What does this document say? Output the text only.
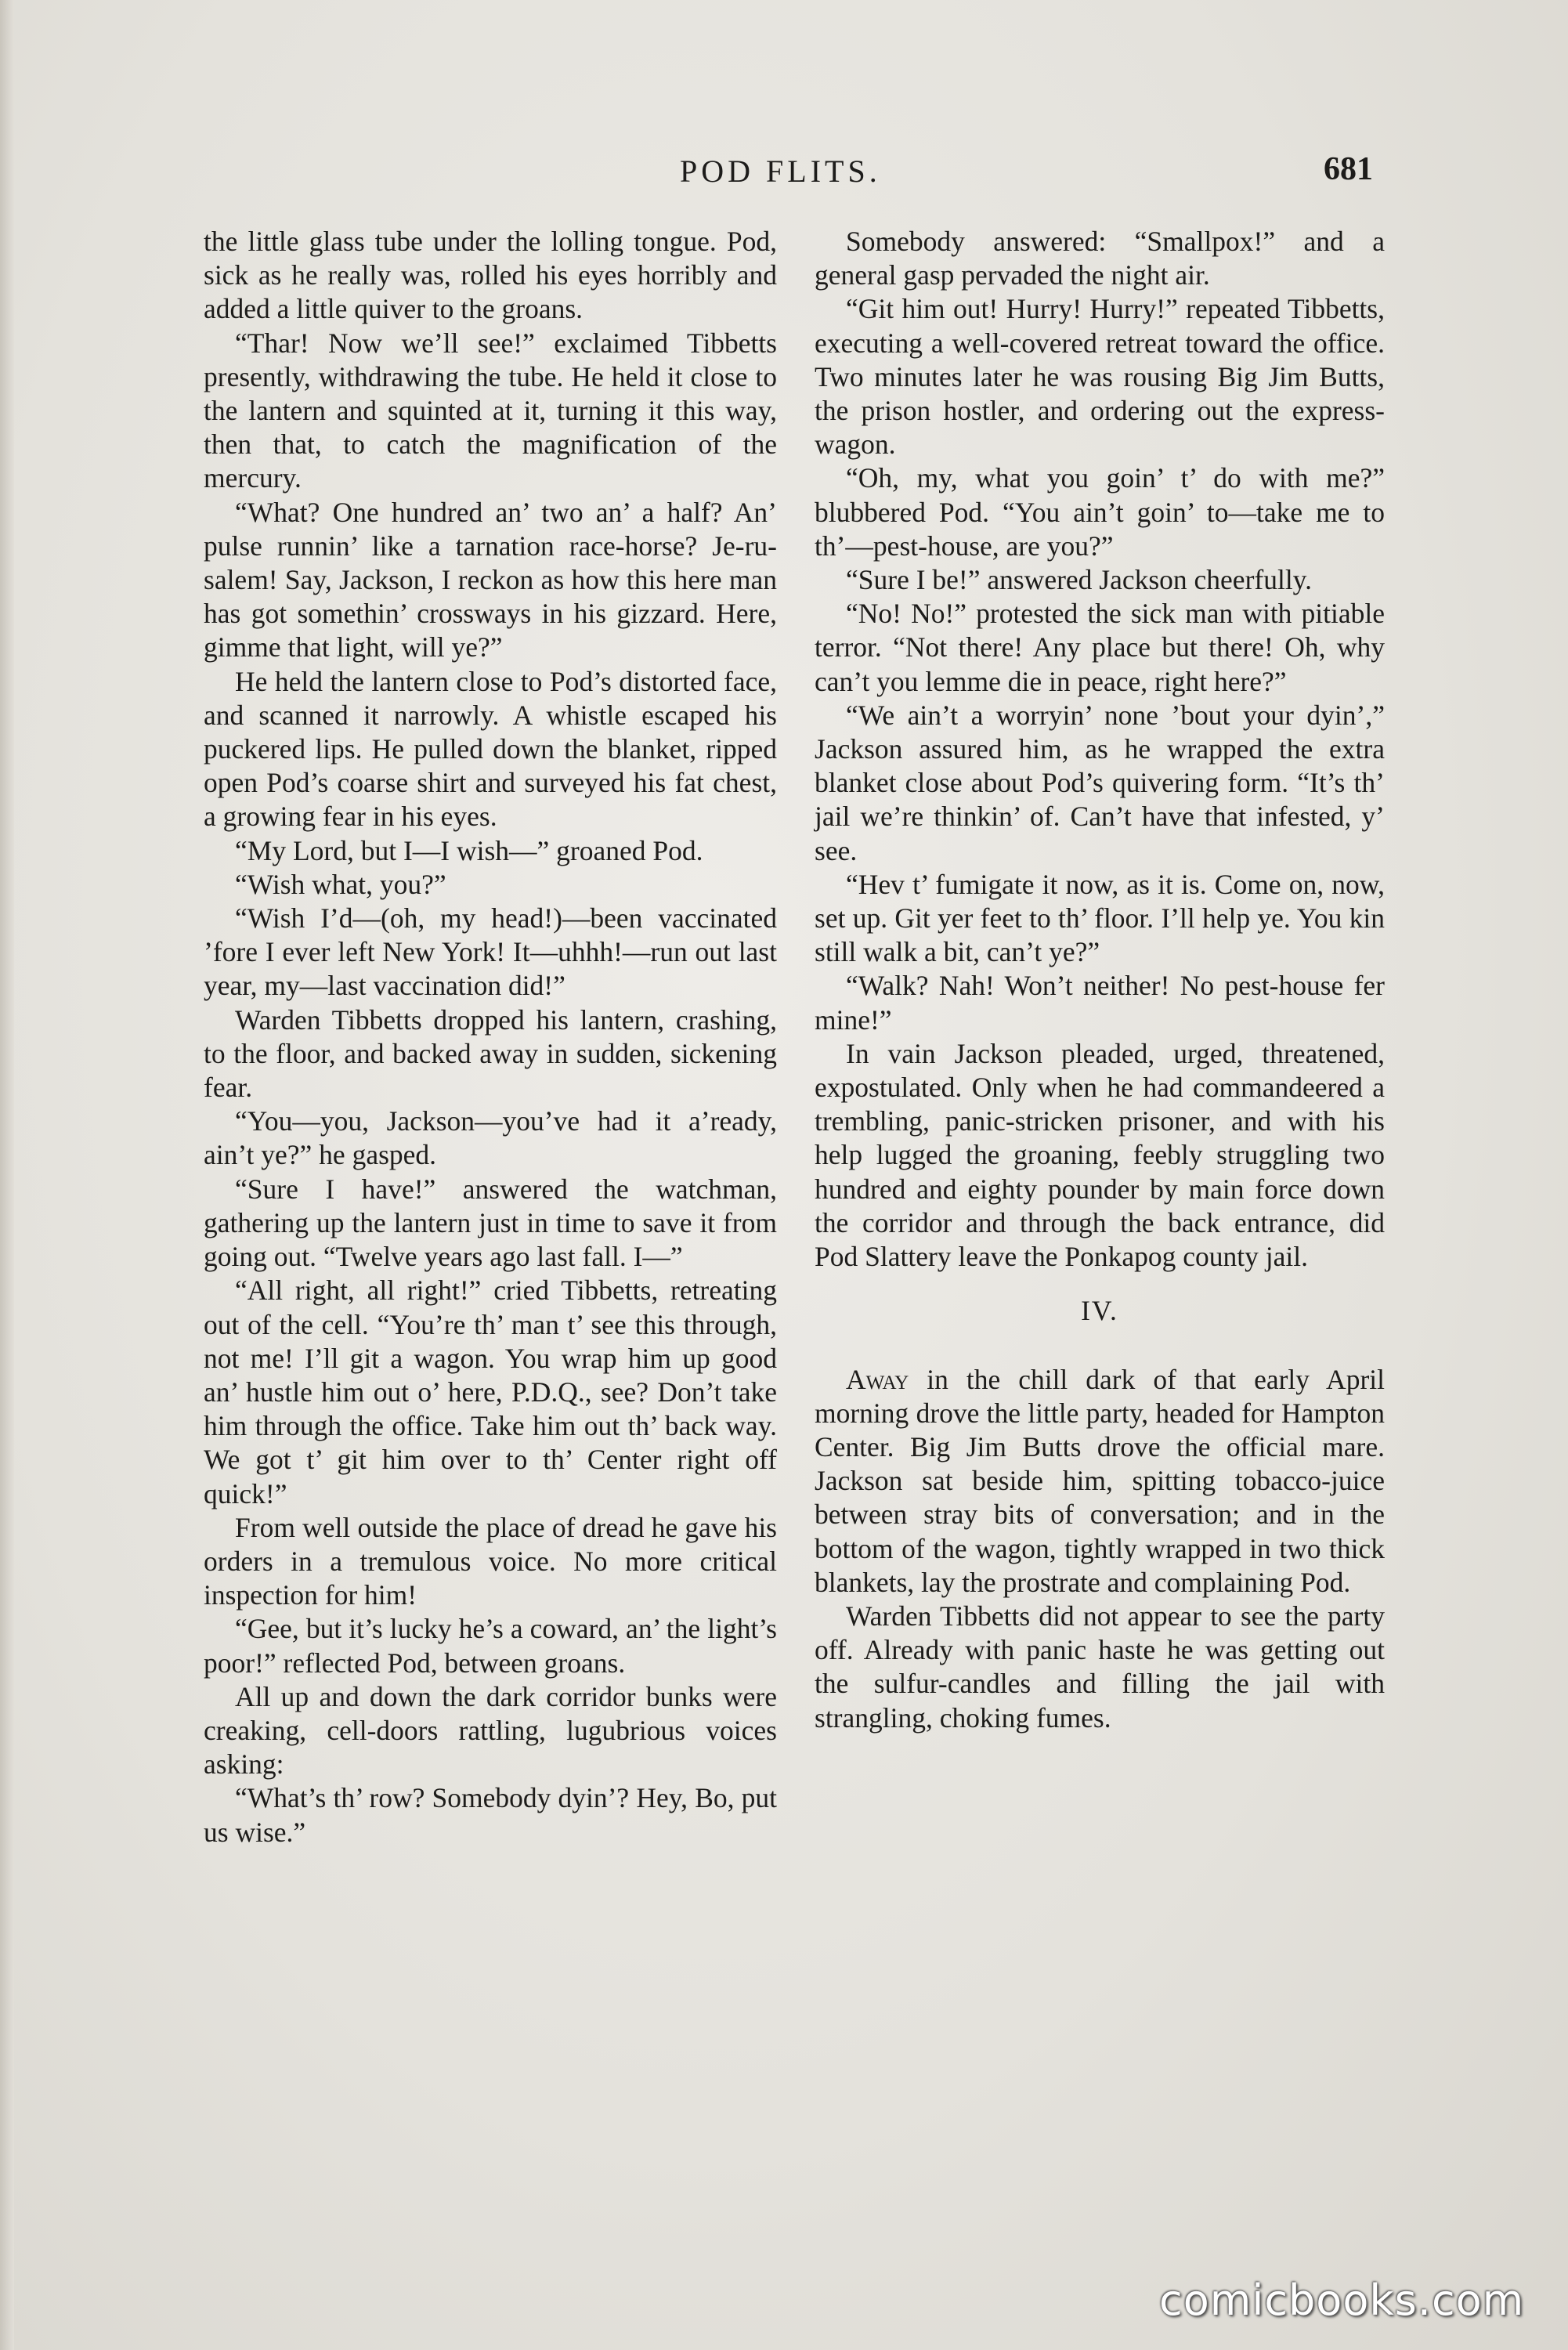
POD FLITS.	681

the little glass tube under the lolling tongue. Pod, sick as he really was, rolled his eyes horribly and added a little quiver to the groans.

“Thar! Now we’ll see!” exclaimed Tibbetts presently, withdrawing the tube. He held it close to the lantern and squinted at it, turning it this way, then that, to catch the magnification of the mercury.

“What? One hundred an’ two an’ a half? An’ pulse runnin’ like a tarnation race-horse? Je-ru-salem! Say, Jackson, I reckon as how this here man has got somethin’ crossways in his gizzard. Here, gimme that light, will ye?”

He held the lantern close to Pod’s distorted face, and scanned it narrowly. A whistle escaped his puckered lips. He pulled down the blanket, ripped open Pod’s coarse shirt and surveyed his fat chest, a growing fear in his eyes.

“My Lord, but I—I wish—” groaned Pod.

“Wish what, you?”

“Wish I’d—(oh, my head!)—been vaccinated ’fore I ever left New York! It—uhhh!—run out last year, my—last vaccination did!”

Warden Tibbetts dropped his lantern, crashing, to the floor, and backed away in sudden, sickening fear.

“You—you, Jackson—you’ve had it a’ready, ain’t ye?” he gasped.

“Sure I have!” answered the watchman, gathering up the lantern just in time to save it from going out. “Twelve years ago last fall. I—”

“All right, all right!” cried Tibbetts, retreating out of the cell. “You’re th’ man t’ see this through, not me! I’ll git a wagon. You wrap him up good an’ hustle him out o’ here, P.D.Q., see? Don’t take him through the office. Take him out th’ back way. We got t’ git him over to th’ Center right off quick!”

From well outside the place of dread he gave his orders in a tremulous voice. No more critical inspection for him!

“Gee, but it’s lucky he’s a coward, an’ the light’s poor!” reflected Pod, between groans.

All up and down the dark corridor bunks were creaking, cell-doors rattling, lugubrious voices asking:

“What’s th’ row? Somebody dyin’? Hey, Bo, put us wise.”

Somebody answered: “Smallpox!” and a general gasp pervaded the night air.

“Git him out! Hurry! Hurry!” repeated Tibbetts, executing a well-covered retreat toward the office. Two minutes later he was rousing Big Jim Butts, the prison hostler, and ordering out the express-wagon.

“Oh, my, what you goin’ t’ do with me?” blubbered Pod. “You ain’t goin’ to—take me to th’—pest-house, are you?”

“Sure I be!” answered Jackson cheerfully.

“No! No!” protested the sick man with pitiable terror. “Not there! Any place but there! Oh, why can’t you lemme die in peace, right here?”

“We ain’t a worryin’ none ’bout your dyin’,” Jackson assured him, as he wrapped the extra blanket close about Pod’s quivering form. “It’s th’ jail we’re thinkin’ of. Can’t have that infested, y’ see.

“Hev t’ fumigate it now, as it is. Come on, now, set up. Git yer feet to th’ floor. I’ll help ye. You kin still walk a bit, can’t ye?”

“Walk? Nah! Won’t neither! No pest-house fer mine!”

In vain Jackson pleaded, urged, threatened, expostulated. Only when he had commandeered a trembling, panic-stricken prisoner, and with his help lugged the groaning, feebly struggling two hundred and eighty pounder by main force down the corridor and through the back entrance, did Pod Slattery leave the Ponkapog county jail.

IV.

Away in the chill dark of that early April morning drove the little party, headed for Hampton Center. Big Jim Butts drove the official mare. Jackson sat beside him, spitting tobacco-juice between stray bits of conversation; and in the bottom of the wagon, tightly wrapped in two thick blankets, lay the prostrate and complaining Pod.

Warden Tibbetts did not appear to see the party off. Already with panic haste he was getting out the sulfur-candles and filling the jail with strangling, choking fumes.

comicbooks.com
